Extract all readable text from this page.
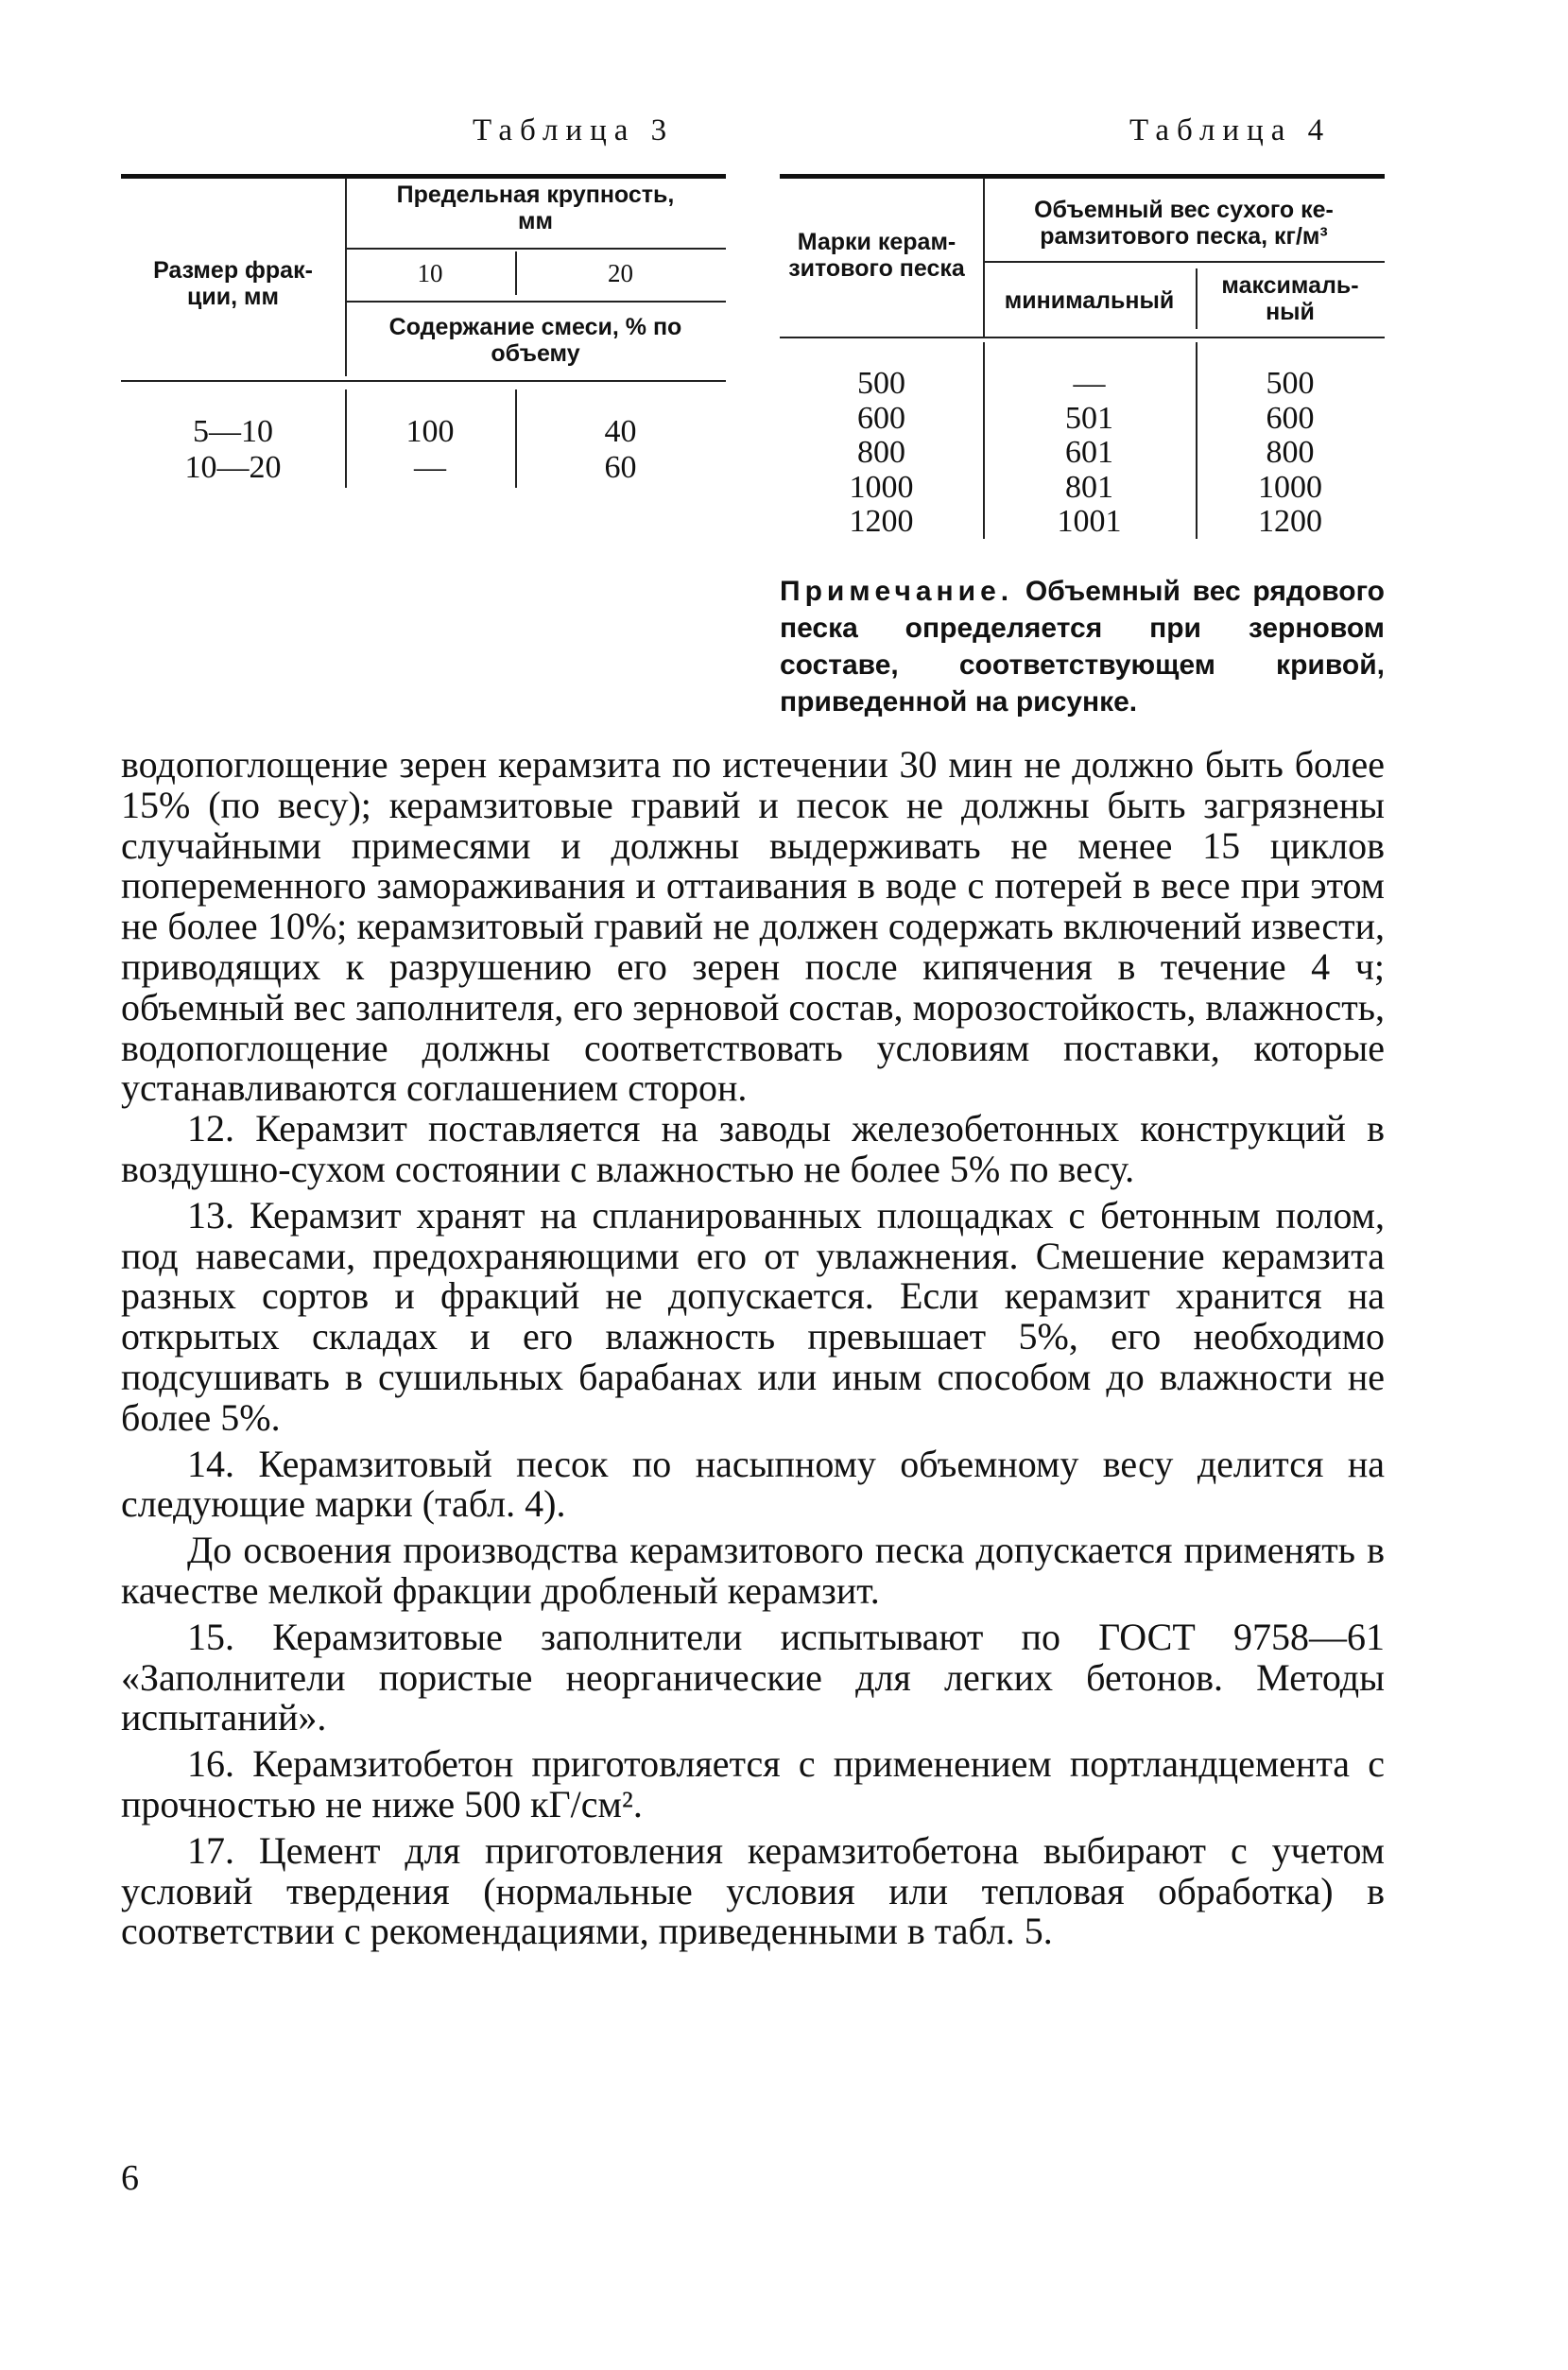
Таблица 3
Размер фрак-
ции, мм
Предельная крупность,
мм
10	20
Содержание смеси, % по
объему
5—10
10—20
100
—
40
60
Таблица 4
Марки керам-
зитового песка
Объемный вес сухого ке-
рамзитового песка, кг/м³
минимальный
максималь-
ный
500
600
800
1000
1200
—
501
601
801
1001
500
600
800
1000
1200
Примечание. Объемный вес рядового песка определяется при зерновом составе, соответствующем кривой, приведенной на рисунке.

водопоглощение зерен керамзита по истечении 30 мин не должно быть более 15% (по весу); керамзитовые гравий и песок не должны быть загрязнены случайными примесями и должны выдерживать не менее 15 циклов попеременного замораживания и оттаивания в воде с потерей в весе при этом не более 10%; керамзитовый гравий не должен содержать включений извести, приводящих к разрушению его зерен после кипячения в течение 4 ч; объемный вес заполнителя, его зерновой состав, морозостойкость, влажность, водопоглощение должны соответствовать условиям поставки, которые устанавливаются соглашением сторон.

12. Керамзит поставляется на заводы железобетонных конструкций в воздушно-сухом состоянии с влажностью не более 5% по весу.

13. Керамзит хранят на спланированных площадках с бетонным полом, под навесами, предохраняющими его от увлажнения. Смешение керамзита разных сортов и фракций не допускается. Если керамзит хранится на открытых складах и его влажность превышает 5%, его необходимо подсушивать в сушильных барабанах или иным способом до влажности не более 5%.

14. Керамзитовый песок по насыпному объемному весу делится на следующие марки (табл. 4).

До освоения производства керамзитового песка допускается применять в качестве мелкой фракции дробленый керамзит.

15. Керамзитовые заполнители испытывают по ГОСТ 9758—61 «Заполнители пористые неорганические для легких бетонов. Методы испытаний».

16. Керамзитобетон приготовляется с применением портландцемента с прочностью не ниже 500 кГ/см².

17. Цемент для приготовления керамзитобетона выбирают с учетом условий твердения (нормальные условия или тепловая обработка) в соответствии с рекомендациями, приведенными в табл. 5.

6
